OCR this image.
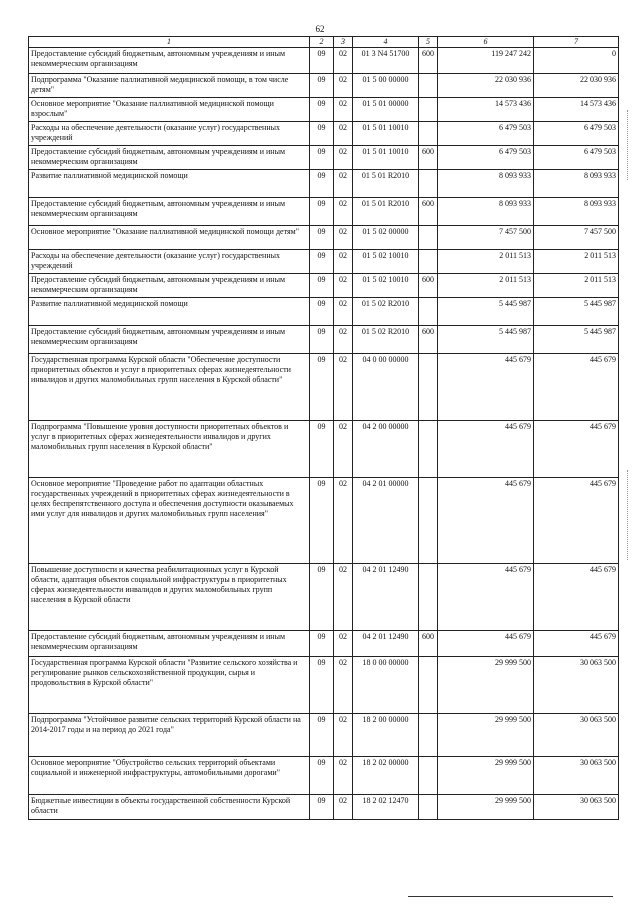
62
1	2	3	4	5	6	7
Предоставление субсидий бюджетным, автономным учреждениям и иным некоммерческим организациям	09	02	01 3 N4 51700	600	119 247 242	0
Подпрограмма "Оказание паллиативной медицинской помощи, в том числе детям"	09	02	01 5 00 00000		22 030 936	22 030 936
Основное мероприятие "Оказание паллиативной медицинской помощи взрослым"	09	02	01 5 01 00000		14 573 436	14 573 436
Расходы на обеспечение деятельности (оказание услуг) государственных учреждений	09	02	01 5 01 10010		6 479 503	6 479 503
Предоставление субсидий бюджетным, автономным учреждениям и иным некоммерческим организациям	09	02	01 5 01 10010	600	6 479 503	6 479 503
Развитие паллиативной медицинской помощи	09	02	01 5 01 R2010		8 093 933	8 093 933
Предоставление субсидий бюджетным, автономным учреждениям и иным некоммерческим организациям	09	02	01 5 01 R2010	600	8 093 933	8 093 933
Основное мероприятие "Оказание паллиативной медицинской помощи детям"	09	02	01 5 02 00000		7 457 500	7 457 500
Расходы на обеспечение деятельности (оказание услуг) государственных учреждений	09	02	01 5 02 10010		2 011 513	2 011 513
Предоставление субсидий бюджетным, автономным учреждениям и иным некоммерческим организациям	09	02	01 5 02 10010	600	2 011 513	2 011 513
Развитие паллиативной медицинской помощи	09	02	01 5 02 R2010		5 445 987	5 445 987
Предоставление субсидий бюджетным, автономным учреждениям и иным некоммерческим организациям	09	02	01 5 02 R2010	600	5 445 987	5 445 987
Государственная программа Курской области "Обеспечение доступности приоритетных объектов и услуг в приоритетных сферах жизнедеятельности инвалидов и других маломобильных групп населения в Курской области"	09	02	04 0 00 00000		445 679	445 679
Подпрограмма "Повышение уровня доступности приоритетных объектов и услуг в приоритетных сферах жизнедеятельности инвалидов и других маломобильных групп населения в Курской области"	09	02	04 2 00 00000		445 679	445 679
Основное мероприятие "Проведение работ по адаптации областных государственных учреждений в приоритетных сферах жизнедеятельности в целях беспрепятственного доступа и обеспечения доступности оказываемых ими услуг для инвалидов и других маломобильных групп населения"	09	02	04 2 01 00000		445 679	445 679
Повышение доступности и качества реабилитационных услуг в Курской области, адаптация объектов социальной инфраструктуры в приоритетных сферах жизнедеятельности инвалидов и других маломобильных групп населения в Курской области	09	02	04 2 01 12490		445 679	445 679
Предоставление субсидий бюджетным, автономным учреждениям и иным некоммерческим организациям	09	02	04 2 01 12490	600	445 679	445 679
Государственная программа Курской области "Развитие сельского хозяйства и регулирование рынков сельскохозяйственной продукции, сырья и продовольствия в Курской области"	09	02	18 0 00 00000		29 999 500	30 063 500
Подпрограмма "Устойчивое развитие сельских территорий Курской области на 2014-2017 годы и на период до 2021 года"	09	02	18 2 00 00000		29 999 500	30 063 500
Основное мероприятие "Обустройство сельских территорий объектами социальной и инженерной инфраструктуры, автомобильными дорогами"	09	02	18 2 02 00000		29 999 500	30 063 500
Бюджетные инвестиции в объекты государственной собственности Курской области	09	02	18 2 02 12470		29 999 500	30 063 500
